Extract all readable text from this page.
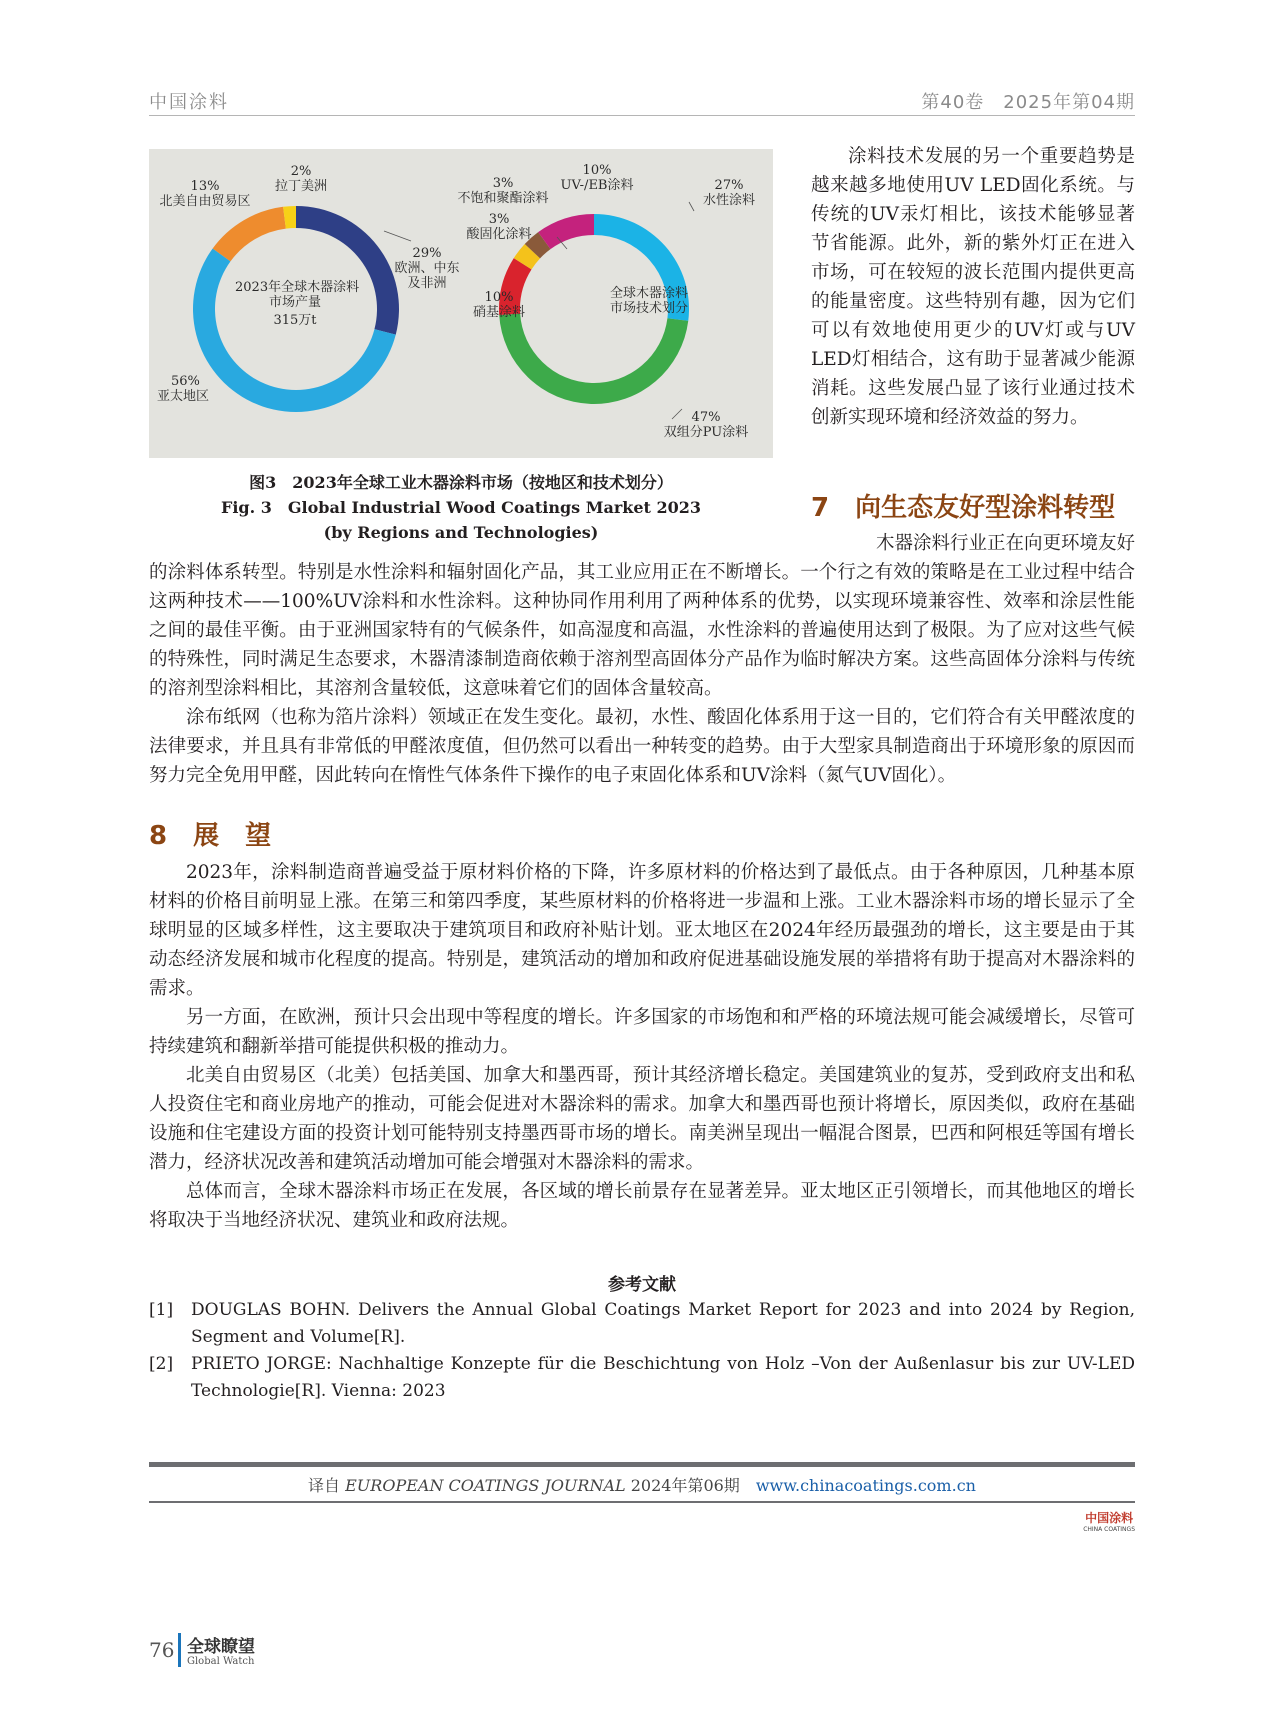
中国涂料	第40卷　2025年第04期
2023年全球木器涂料
市场产量
315万t
2%
拉丁美洲
13%
北美自由贸易区
29%
欧洲、中东
及非洲
56%
亚太地区
全球木器涂料
市场技术划分
10%
UV-/EB涂料
3%
不饱和聚酯涂料
3%
酸固化涂料
10%
硝基涂料
27%
水性涂料
47%
双组分PU涂料
图3　2023年全球工业木器涂料市场（按地区和技术划分）
Fig. 3　Global Industrial Wood Coatings Market 2023
(by Regions and Technologies)

涂料技术发展的另一个重要趋势是越来越多地使用UV LED固化系统。与传统的UV汞灯相比，该技术能够显著节省能源。此外，新的紫外灯正在进入市场，可在较短的波长范围内提供更高的能量密度。这些特别有趣，因为它们可以有效地使用更少的UV灯或与UV LED灯相结合，这有助于显著减少能源消耗。这些发展凸显了该行业通过技术创新实现环境和经济效益的努力。

7　向生态友好型涂料转型
木器涂料行业正在向更环境友好

的涂料体系转型。特别是水性涂料和辐射固化产品，其工业应用正在不断增长。一个行之有效的策略是在工业过程中结合这两种技术——100%UV涂料和水性涂料。这种协同作用利用了两种体系的优势，以实现环境兼容性、效率和涂层性能之间的最佳平衡。由于亚洲国家特有的气候条件，如高湿度和高温，水性涂料的普遍使用达到了极限。为了应对这些气候的特殊性，同时满足生态要求，木器清漆制造商依赖于溶剂型高固体分产品作为临时解决方案。这些高固体分涂料与传统的溶剂型涂料相比，其溶剂含量较低，这意味着它们的固体含量较高。

涂布纸网（也称为箔片涂料）领域正在发生变化。最初，水性、酸固化体系用于这一目的，它们符合有关甲醛浓度的法律要求，并且具有非常低的甲醛浓度值，但仍然可以看出一种转变的趋势。由于大型家具制造商出于环境形象的原因而努力完全免用甲醛，因此转向在惰性气体条件下操作的电子束固化体系和UV涂料（氮气UV固化）。

8　展　望

2023年，涂料制造商普遍受益于原材料价格的下降，许多原材料的价格达到了最低点。由于各种原因，几种基本原材料的价格目前明显上涨。在第三和第四季度，某些原材料的价格将进一步温和上涨。工业木器涂料市场的增长显示了全球明显的区域多样性，这主要取决于建筑项目和政府补贴计划。亚太地区在2024年经历最强劲的增长，这主要是由于其动态经济发展和城市化程度的提高。特别是，建筑活动的增加和政府促进基础设施发展的举措将有助于提高对木器涂料的需求。

另一方面，在欧洲，预计只会出现中等程度的增长。许多国家的市场饱和和严格的环境法规可能会减缓增长，尽管可持续建筑和翻新举措可能提供积极的推动力。

北美自由贸易区（北美）包括美国、加拿大和墨西哥，预计其经济增长稳定。美国建筑业的复苏，受到政府支出和私人投资住宅和商业房地产的推动，可能会促进对木器涂料的需求。加拿大和墨西哥也预计将增长，原因类似，政府在基础设施和住宅建设方面的投资计划可能特别支持墨西哥市场的增长。南美洲呈现出一幅混合图景，巴西和阿根廷等国有增长潜力，经济状况改善和建筑活动增加可能会增强对木器涂料的需求。

总体而言，全球木器涂料市场正在发展，各区域的增长前景存在显著差异。亚太地区正引领增长，而其他地区的增长将取决于当地经济状况、建筑业和政府法规。

参考文献
[1] DOUGLAS BOHN. Delivers the Annual Global Coatings Market Report for 2023 and into 2024 by Region, Segment and Volume[R].
[2] PRIETO JORGE: Nachhaltige Konzepte für die Beschichtung von Holz –Von der Außenlasur bis zur UV-LED Technologie[R]. Vienna: 2023
译自 EUROPEAN COATINGS JOURNAL 2024年第06期　www.chinacoatings.com.cn
中国涂料
CHINA COATINGS
76 全球瞭望
Global Watch
